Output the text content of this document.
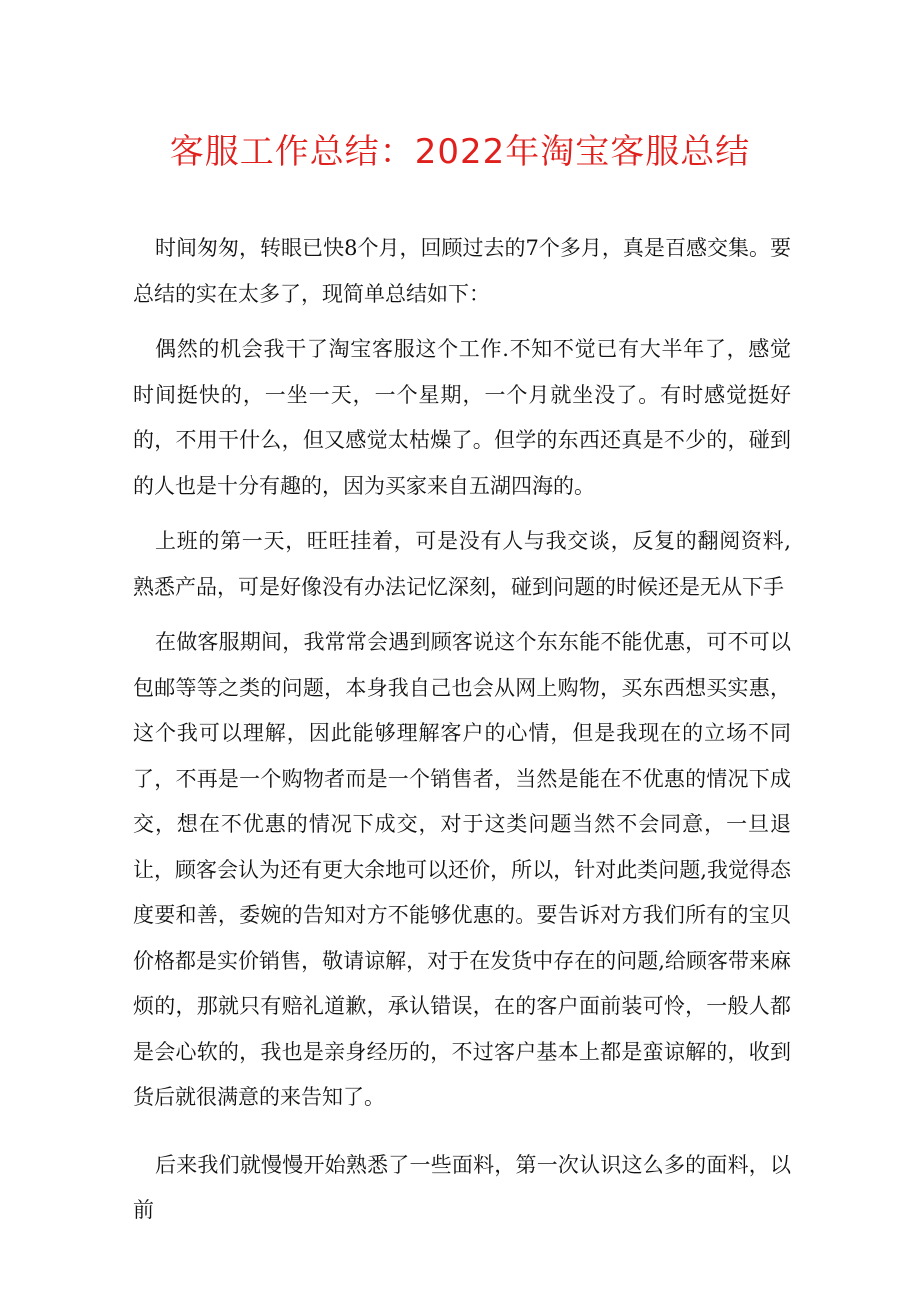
客服工作总结：2022年淘宝客服总结

时间匆匆，转眼已快8个月，回顾过去的7个多月，真是百感交集。要总结的实在太多了，现简单总结如下：

偶然的机会我干了淘宝客服这个工作.不知不觉已有大半年了，感觉时间挺快的，一坐一天，一个星期，一个月就坐没了。有时感觉挺好的，不用干什么，但又感觉太枯燥了。但学的东西还真是不少的，碰到的人也是十分有趣的，因为买家来自五湖四海的。

上班的第一天，旺旺挂着，可是没有人与我交谈，反复的翻阅资料,熟悉产品，可是好像没有办法记忆深刻，碰到问题的时候还是无从下手

在做客服期间，我常常会遇到顾客说这个东东能不能优惠，可不可以包邮等等之类的问题，本身我自己也会从网上购物，买东西想买实惠，这个我可以理解，因此能够理解客户的心情，但是我现在的立场不同了，不再是一个购物者而是一个销售者，当然是能在不优惠的情况下成交，想在不优惠的情况下成交，对于这类问题当然不会同意，一旦退让，顾客会认为还有更大余地可以还价，所以，针对此类问题,我觉得态度要和善，委婉的告知对方不能够优惠的。要告诉对方我们所有的宝贝价格都是实价销售，敬请谅解，对于在发货中存在的问题,给顾客带来麻烦的，那就只有赔礼道歉，承认错误，在的客户面前装可怜，一般人都是会心软的，我也是亲身经历的，不过客户基本上都是蛮谅解的，收到货后就很满意的来告知了。

后来我们就慢慢开始熟悉了一些面料，第一次认识这么多的面料，以前
